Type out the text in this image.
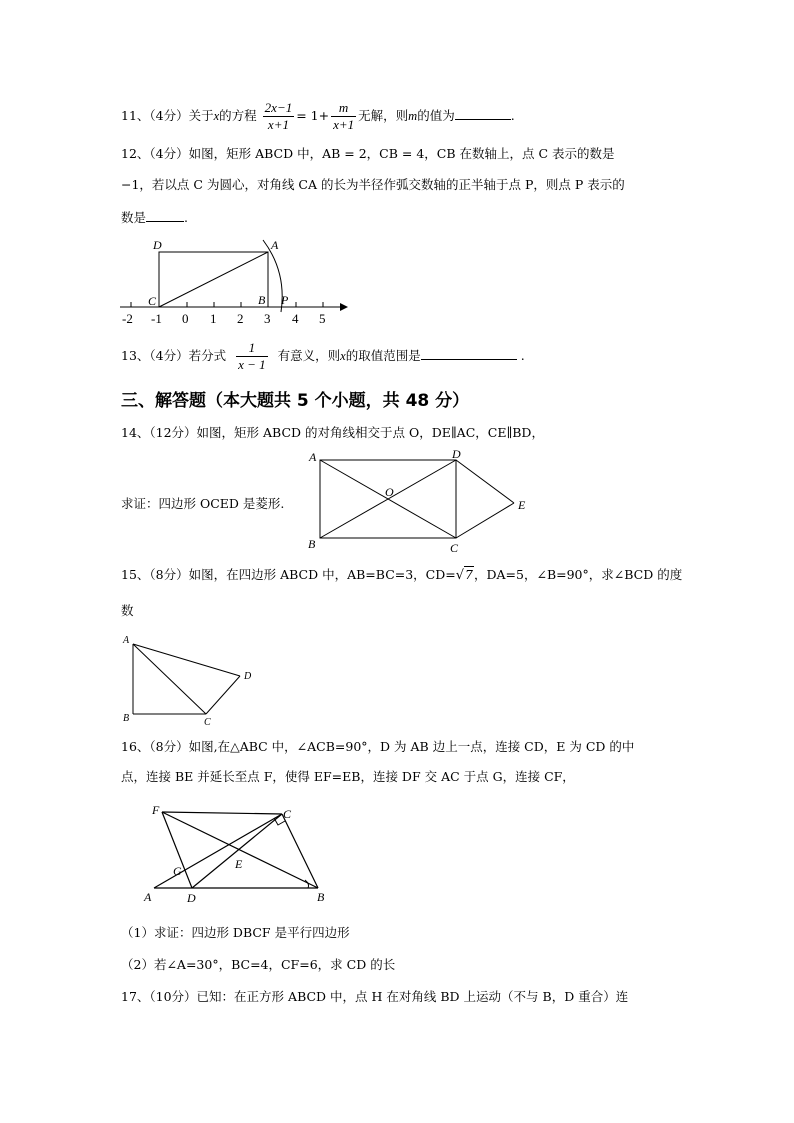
11、（4分）关于x的方程 $\frac{2x-1}{x+1} = 1+ \frac{m}{x+1}$ 无解，则m的值为	.
12、（4分）如图，矩形 ABCD 中，AB = 2，CB = 4，CB 在数轴上，点 C 表示的数是
−1，若以点 C 为圆心，对角线 CA 的长为半径作弧交数轴的正半轴于点 P，则点 P 表示的
数是	.
D	A
C	B P
-2 -1 0 1 2 3 4 5
13、（4分）若分式 $\frac{1}{x - 1}$ 有意义，则x的取值范围是	.
三、解答题（本大题共 5 个小题，共 48 分）
14、（12分）如图，矩形 ABCD 的对角线相交于点 O，DE∥AC，CE∥BD，
求证：四边形 OCED 是菱形.
A	D
O
E
B	C
15、（8分）如图，在四边形 ABCD 中，AB=BC=3，CD=√7，DA=5，∠B=90°，求∠BCD 的度
数
A
D
B	C
16、（8分）如图,在△ABC 中，∠ACB=90°，D 为 AB 边上一点，连接 CD，E 为 CD 的中
点，连接 BE 并延长至点 F，使得 EF=EB，连接 DF 交 AC 于点 G，连接 CF，
F	C
G	E
A	D	B
（1）求证：四边形 DBCF 是平行四边形
（2）若∠A=30°，BC=4，CF=6，求 CD 的长
17、（10分）已知：在正方形 ABCD 中，点 H 在对角线 BD 上运动（不与 B，D 重合）连
